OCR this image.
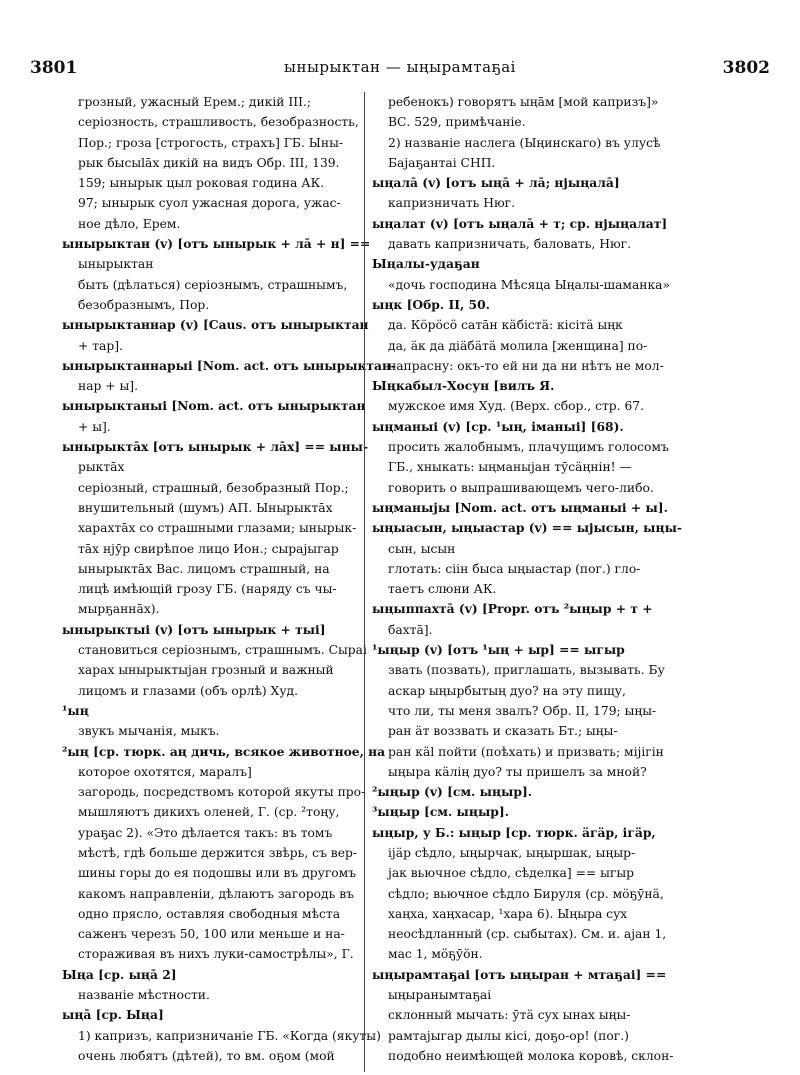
3801	ынырыктан — ыңырамтаҕаі	3802
грозный, ужасный Ерем.; дикій ІІІ.;
серiозность, страшливость, безобразность,
Пор.; гроза [строгость, страхъ] ГБ. Ыны-
рык бысыlāх дикій на видъ Обр. III, 139.
159; ынырык цыл роковая година АК.
97; ынырык суол ужасная дорога, ужас-
ное дѣло, Ерем.
ынырыктан (v) [отъ ынырык + лā + н] ==
ынырыктан
быть (дѣлаться) серiознымъ, страшнымъ,
безобразнымъ, Пор.
ынырыктаннар (v) [Caus. отъ ынырыктан
+ тар].
ынырыктаннарыі [Nom. act. отъ ынырыктан-
нар + ы].
ынырыктаныі [Nom. act. отъ ынырыктан
+ ы].
ынырыктāх [отъ ынырык + лāх] == ыны-
рыктāх
серiозный, страшный, безобразный Пор.;
внушительный (шумъ) АП. Ынырыктāх
харахтāх со страшными глазами; ынырык-
тāх нјӯр свирѣпое лицо Ион.; сыраjыгар
ынырыктāх Вас. лицомъ страшный, на
лицѣ имѣющій грозу ГБ. (наряду съ чы-
мырҕаннāх).
ынырыктыі (v) [отъ ынырык + тыі]
становиться серiознымъ, страшнымъ. Сыраі
харах ынырыктыjан грозный и важный
лицомъ и глазами (объ орлѣ) Худ.
¹ың
звукъ мычанiя, мыкъ.
²ың [ср. тюрк. аң дичь, всякое животное, на
которое охотятся, маралъ]
загородь, посредствомъ которой якуты про-
мышляютъ дикихъ оленей, Г. (ср. ²тоңу,
ураҕас 2). «Это дѣлается такъ: въ томъ
мѣстѣ, гдѣ больше держится звѣрь, съ вер-
шины горы до ея подошвы или въ другомъ
какомъ направленiи, дѣлаютъ загородь въ
одно прясло, оставляя свободныя мѣста
саженъ черезъ 50, 100 или меньше и на-
стораживая въ нихъ луки-самострѣлы», Г.
Ыңа [ср. ыңā 2]
названiе мѣстности.
ыңā [ср. Ыңа]
1) капризъ, капризничанiе ГБ. «Когда (якуты)
очень любятъ (дѣтей), то вм. оҕом (мой
ребенокъ) говорятъ ыңāм [мой капризъ]»
ВС. 529, примѣчанiе.
2) названiе наслега (Ыңинскаго) въ улусѣ
Баjаҕантаі СНП.
ыңалā (v) [отъ ыңā + лā; нјыңалā]
капризничать Нюг.
ыңалат (v) [отъ ыңалā + т; ср. нјыңалат]
давать капризничать, баловать, Нюг.
Ыңалы-удаҕан
«дочь господина Мѣсяца Ыңалы-шаманка»
ыңк [Обр. II, 50.
да. Кӧрӧсӧ сатāн кӓбiстӓ: кiсiтӓ ыңк
да, ӓк да дiӓбӓтӓ молила [женщина] по-
напрасну: окъ-то ей ни да ни нѣтъ не мол-
Ыңкабыл-Хосун [вилъ Я.
мужское имя Худ. (Верх. сбор., стр. 67.
ыңманыі (v) [ср. ¹ың, iманыі] [68).
просить жалобнымъ, плачущимъ голосомъ
ГБ., хныкать: ыңманыjан тӯсӓңнiн! —
говорить о выпрашивающемъ чего-либо.
ыңманыjы [Nom. act. отъ ыңманыі + ы].
ыңыасын, ыңыастар (v) == ыјысын, ыңы-
сын, ысын
глотать: сiiн быса ыңыастар (пог.) гло-
таетъ слюни АК.
ыңыппахтā (v) [Propr. отъ ²ыңыр + т +
бахтā].
¹ыңыр (v) [отъ ¹ың + ыр] == ыгыр
звать (позвать), приглашать, вызывать. Бу
аскар ыңырбытың дуо? на эту пищу,
что ли, ты меня звалъ? Обр. II, 179; ыңы-
ран ӓт воззвать и сказать Бт.; ыңы-
ран кӓl пойти (поѣхать) и призвать; мiјiгiн
ыңыра кӓлiң дуо? ты пришелъ за мной?
²ыңыр (v) [см. ыңыр].
³ыңыр [см. ыңыр].
ыңыр, у Б.: ыңыр [ср. тюрк. ӓгӓр, iгӓр,
iјӓр сѣдло, ыңырчак, ыңыршак, ыңыр-
јак вьючное сѣдло, сѣделка] == ыгыр
сѣдло; вьючное сѣдло Бируля (ср. мӧҕӯнӓ,
хаңха, хаңхасар, ¹хара 6). Ыңыра сух
неосѣдланный (ср. сыбытах). См. и. аjан 1,
мас 1, мӧҕӯӧн.
ыңырамтаҕаі [отъ ыңыран + мтаҕаі] ==
ыңыранымтаҕаі
склонный мычать: ӯтӓ сух ынах ыңы-
рамтаjыгар дылы кiсi, доҕо-ор! (пог.)
подобно неимѣющей молока коровѣ, склон-
